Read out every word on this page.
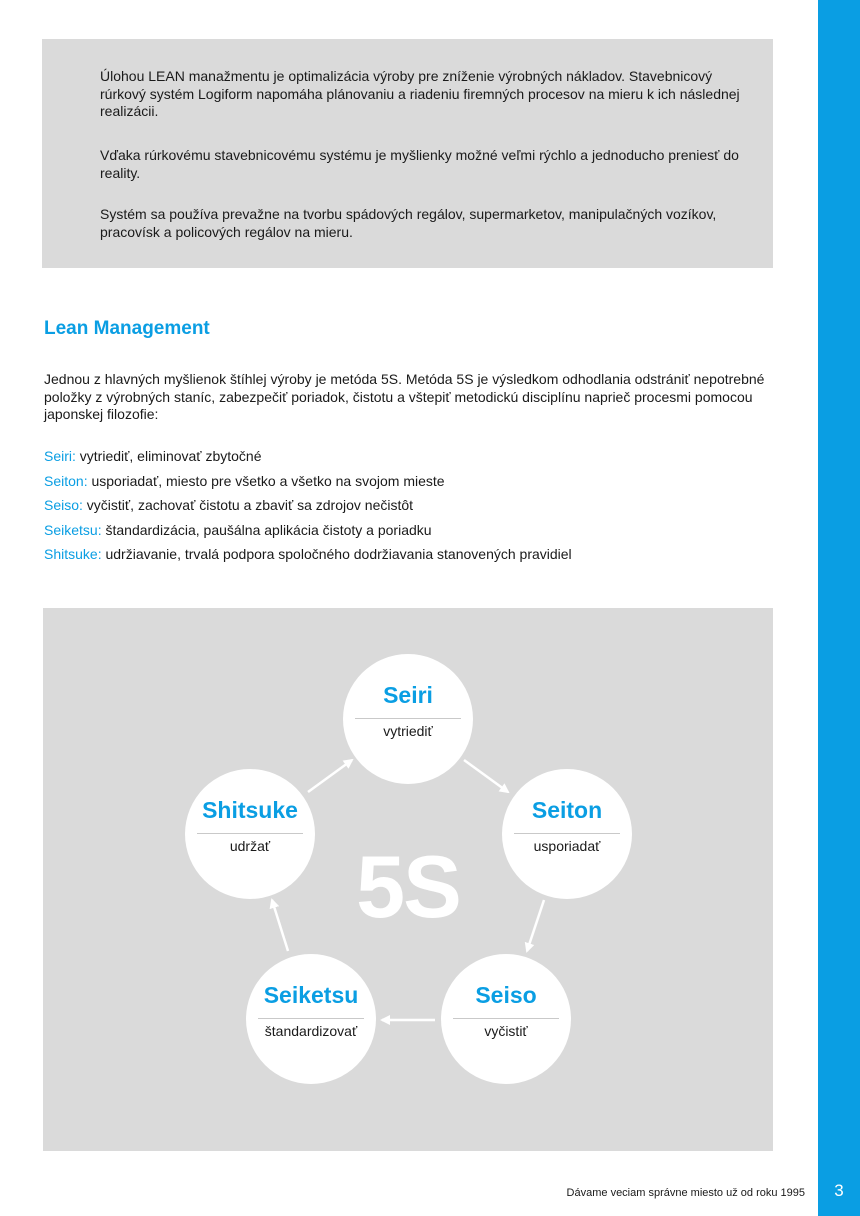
3

Úlohou LEAN manažmentu je optimalizácia výroby pre zníženie výrobných nákladov. Stavebnicový rúrkový systém Logiform napomáha plánovaniu a riadeniu firemných procesov na mieru k ich následnej realizácii.

Vďaka rúrkovému stavebnicovému systému je myšlienky možné veľmi rýchlo a jednoducho preniesť do reality.

Systém sa používa prevažne na tvorbu spádových regálov, supermarketov, manipulačných vozíkov, pracovísk a policových regálov na mieru.

Lean Management

Jednou z hlavných myšlienok štíhlej výroby je metóda 5S. Metóda 5S je výsledkom odhodlania odstrániť nepotrebné položky z výrobných staníc, zabezpečiť poriadok, čistotu a vštepiť metodickú disciplínu naprieč procesmi pomocou japonskej filozofie:

Seiri: vytriediť, eliminovať zbytočné
Seiton: usporiadať, miesto pre všetko a všetko na svojom mieste
Seiso: vyčistiť, zachovať čistotu a zbaviť sa zdrojov nečistôt
Seiketsu: štandardizácia, paušálna aplikácia čistoty a poriadku
Shitsuke: udržiavanie, trvalá podpora spoločného dodržiavania stanovených pravidiel
5S
Seiri
vytriediť
Seiton
usporiadať
Seiso
vyčistiť
Seiketsu
štandardizovať
Shitsuke
udržať
Dávame veciam správne miesto už od roku 1995
